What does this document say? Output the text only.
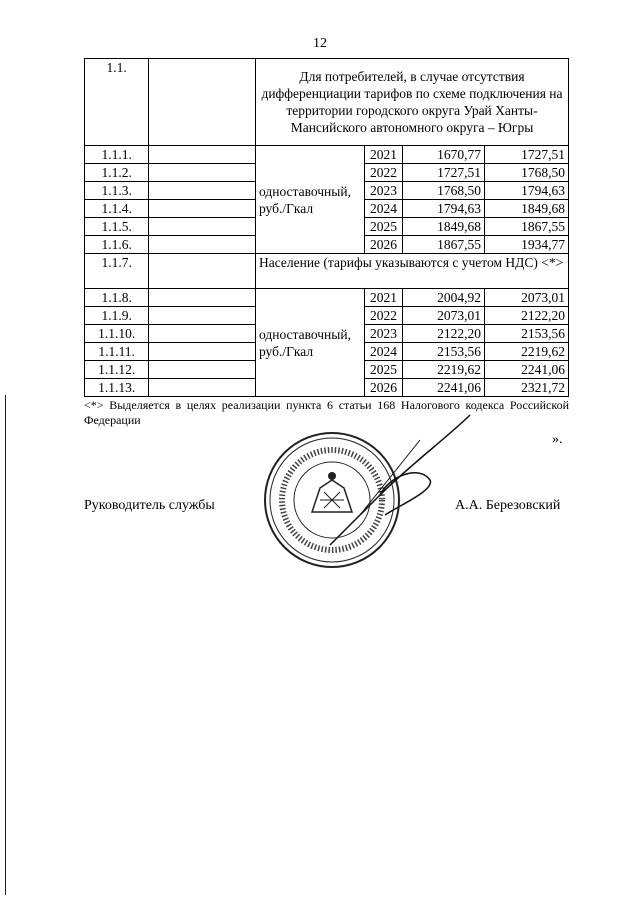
12
1.1.		Для потребителей, в случае отсутствия дифференциации тарифов по схеме подключения на территории городского округа Урай Ханты-Мансийского автономного округа – Югры			
1.1.1.		одноставочный, руб./Гкал	2021	1670,77	1727,51
1.1.2.			2022	1727,51	1768,50
1.1.3.			2023	1768,50	1794,63
1.1.4.			2024	1794,63	1849,68
1.1.5.			2025	1849,68	1867,55
1.1.6.			2026	1867,55	1934,77
1.1.7.		Население (тарифы указываются с учетом НДС) <*>			
1.1.8.		одноставочный, руб./Гкал	2021	2004,92	2073,01
1.1.9.			2022	2073,01	2122,20
1.1.10.			2023	2122,20	2153,56
1.1.11.			2024	2153,56	2219,62
1.1.12.			2025	2219,62	2241,06
1.1.13.			2026	2241,06	2321,72
<*> Выделяется в целях реализации пункта 6 статьи 168 Налогового кодекса Российской Федерации
».
Руководитель службы	А.А. Березовский
